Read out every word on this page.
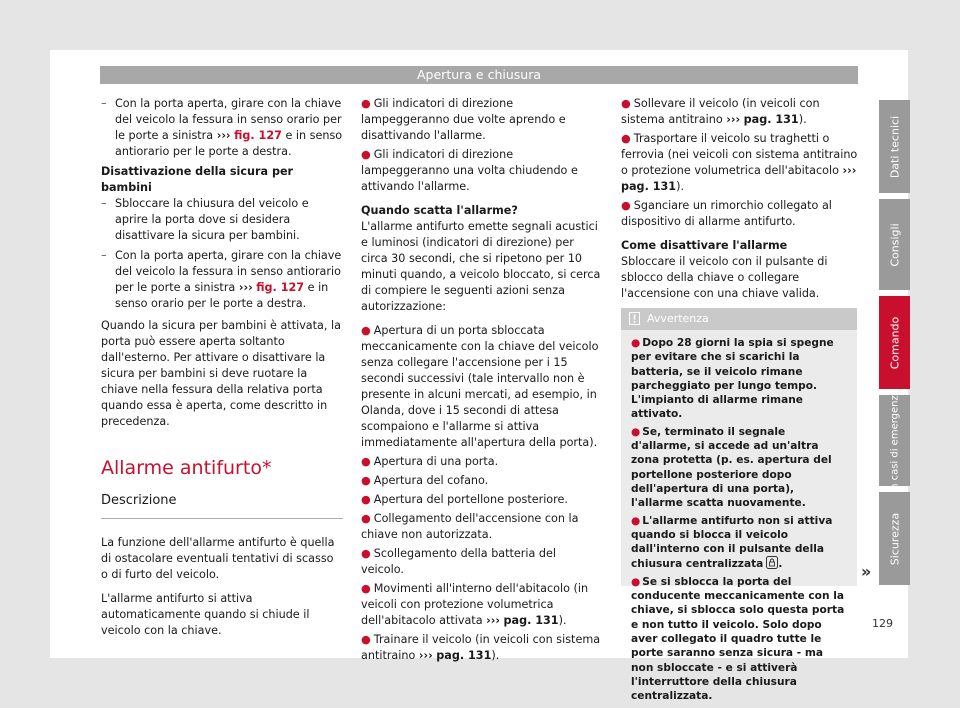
Apertura e chiusura
– Con la porta aperta, girare con la chiave del veicolo la fessura in senso orario per le porte a sinistra ››› fig. 127 e in senso antiorario per le porte a destra.
Disattivazione della sicura per bambini
– Sbloccare la chiusura del veicolo e aprire la porta dove si desidera disattivare la sicura per bambini.
– Con la porta aperta, girare con la chiave del veicolo la fessura in senso antiorario per le porte a sinistra ››› fig. 127 e in senso orario per le porte a destra.

Quando la sicura per bambini è attivata, la porta può essere aperta soltanto dall'esterno. Per attivare o disattivare la sicura per bambini si deve ruotare la chiave nella fessura della relativa porta quando essa è aperta, come descritto in precedenza.

Allarme antifurto*
Descrizione

La funzione dell'allarme antifurto è quella di ostacolare eventuali tentativi di scasso o di furto del veicolo.

L'allarme antifurto si attiva automaticamente quando si chiude il veicolo con la chiave.

● Gli indicatori di direzione lampeggeranno due volte aprendo e disattivando l'allarme.
● Gli indicatori di direzione lampeggeranno una volta chiudendo e attivando l'allarme.
Quando scatta l'allarme?

L'allarme antifurto emette segnali acustici e luminosi (indicatori di direzione) per circa 30 secondi, che si ripetono per 10 minuti quando, a veicolo bloccato, si cerca di compiere le seguenti azioni senza autorizzazione:

● Apertura di un porta sbloccata meccanicamente con la chiave del veicolo senza collegare l'accensione per i 15 secondi successivi (tale intervallo non è presente in alcuni mercati, ad esempio, in Olanda, dove i 15 secondi di attesa scompaiono e l'allarme si attiva immediatamente all'apertura della porta).
● Apertura di una porta.
● Apertura del cofano.
● Apertura del portellone posteriore.
● Collegamento dell'accensione con la chiave non autorizzata.
● Scollegamento della batteria del veicolo.
● Movimenti all'interno dell'abitacolo (in veicoli con protezione volumetrica dell'abitacolo attivata ››› pag. 131).
● Trainare il veicolo (in veicoli con sistema antitraino ››› pag. 131).
● Sollevare il veicolo (in veicoli con sistema antitraino ››› pag. 131).
● Trasportare il veicolo su traghetti o ferrovia (nei veicoli con sistema antitraino o protezione volumetrica dell'abitacolo ››› pag. 131).
● Sganciare un rimorchio collegato al dispositivo di allarme antifurto.
Come disattivare l'allarme

Sbloccare il veicolo con il pulsante di sblocco della chiave o collegare l'accensione con una chiave valida.

Avvertenza
● Dopo 28 giorni la spia si spegne per evitare che si scarichi la batteria, se il veicolo rimane parcheggiato per lungo tempo. L'impianto di allarme rimane attivato.
● Se, terminato il segnale d'allarme, si accede ad un'altra zona protetta (p. es. apertura del portellone posteriore dopo dell'apertura di una porta), l'allarme scatta nuovamente.
● L'allarme antifurto non si attiva quando si blocca il veicolo dall'interno con il pulsante della chiusura centralizzata .
● Se si sblocca la porta del conducente meccanicamente con la chiave, si sblocca solo questa porta e non tutto il veicolo. Solo dopo aver collegato il quadro tutte le porte saranno senza sicura - ma non sbloccate - e si attiverà l'interruttore della chiusura centralizzata.
»
Dati tecnici
Consigli
Comando
In casi di emergenza
Sicurezza
129
